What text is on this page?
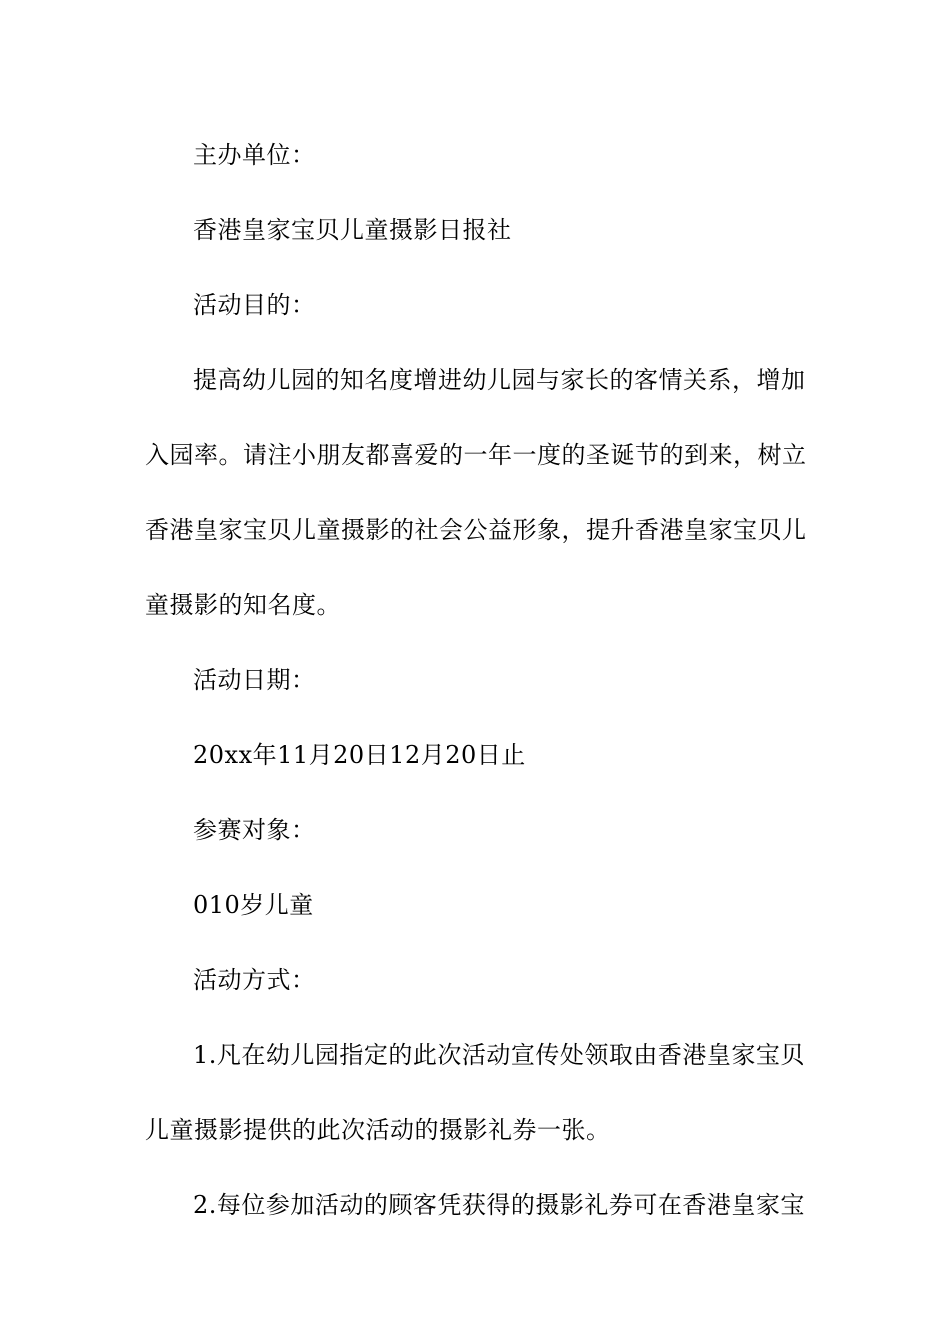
主办单位：
香港皇家宝贝儿童摄影日报社
活动目的：
提高幼儿园的知名度增进幼儿园与家长的客情关系，增加
入园率。请注小朋友都喜爱的一年一度的圣诞节的到来，树立
香港皇家宝贝儿童摄影的社会公益形象，提升香港皇家宝贝儿
童摄影的知名度。
活动日期：
20xx年11月20日12月20日止
参赛对象：
010岁儿童
活动方式：
1.凡在幼儿园指定的此次活动宣传处领取由香港皇家宝贝
儿童摄影提供的此次活动的摄影礼券一张。
2.每位参加活动的顾客凭获得的摄影礼券可在香港皇家宝
